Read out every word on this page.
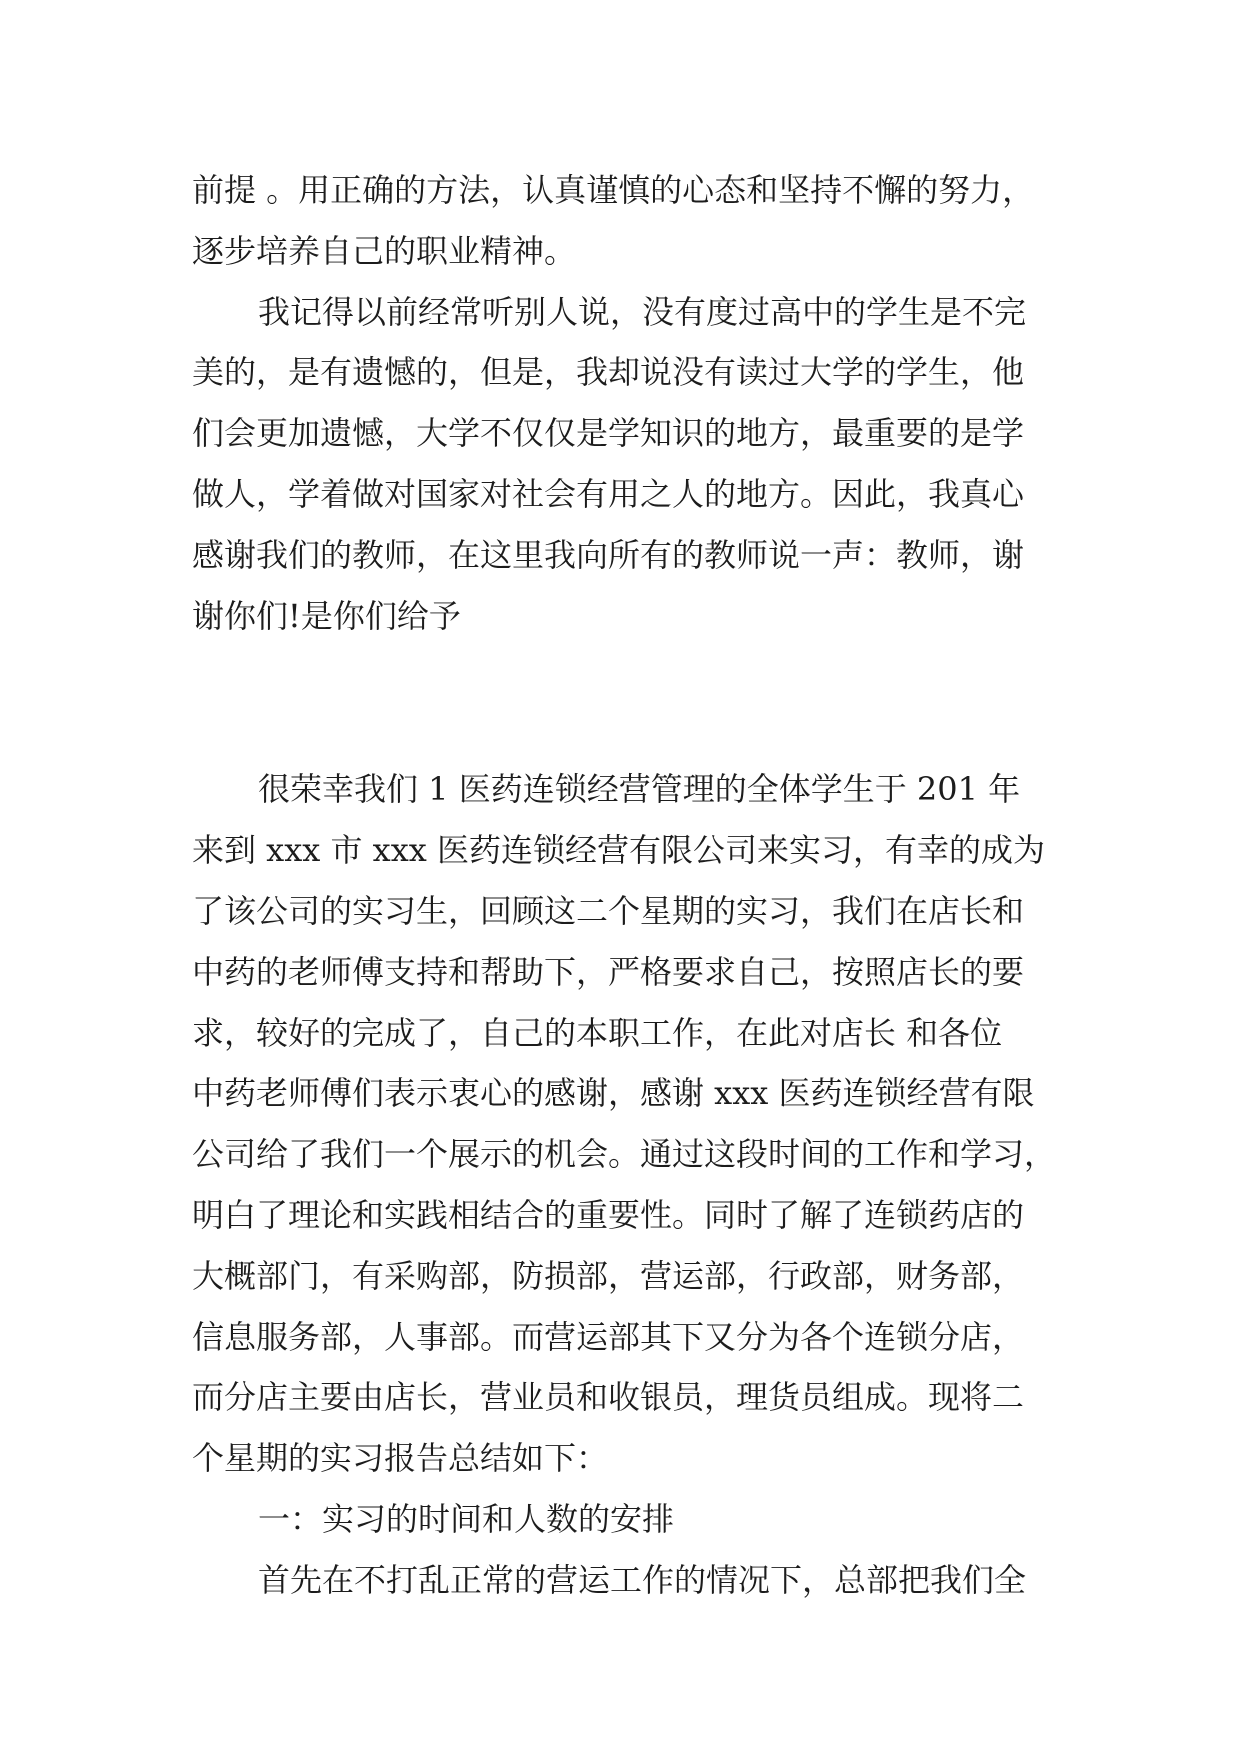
前提 。用正确的方法，认真谨慎的心态和坚持不懈的努力，
逐步培养自己的职业精神。
我记得以前经常听别人说，没有度过高中的学生是不完
美的，是有遗憾的，但是，我却说没有读过大学的学生，他
们会更加遗憾，大学不仅仅是学知识的地方，最重要的是学
做人，学着做对国家对社会有用之人的地方。因此，我真心
感谢我们的教师，在这里我向所有的教师说一声：教师，谢
谢你们!是你们给予
很荣幸我们 1 医药连锁经营管理的全体学生于 201 年
来到 xxx 市 xxx 医药连锁经营有限公司来实习，有幸的成为
了该公司的实习生，回顾这二个星期的实习，我们在店长和
中药的老师傅支持和帮助下，严格要求自己，按照店长的要
求，较好的完成了，自己的本职工作，在此对店长 和各位
中药老师傅们表示衷心的感谢，感谢 xxx 医药连锁经营有限
公司给了我们一个展示的机会。通过这段时间的工作和学习，
明白了理论和实践相结合的重要性。同时了解了连锁药店的
大概部门，有采购部，防损部，营运部，行政部，财务部，
信息服务部，人事部。而营运部其下又分为各个连锁分店，
而分店主要由店长，营业员和收银员，理货员组成。现将二
个星期的实习报告总结如下：
一：实习的时间和人数的安排
首先在不打乱正常的营运工作的情况下，总部把我们全
